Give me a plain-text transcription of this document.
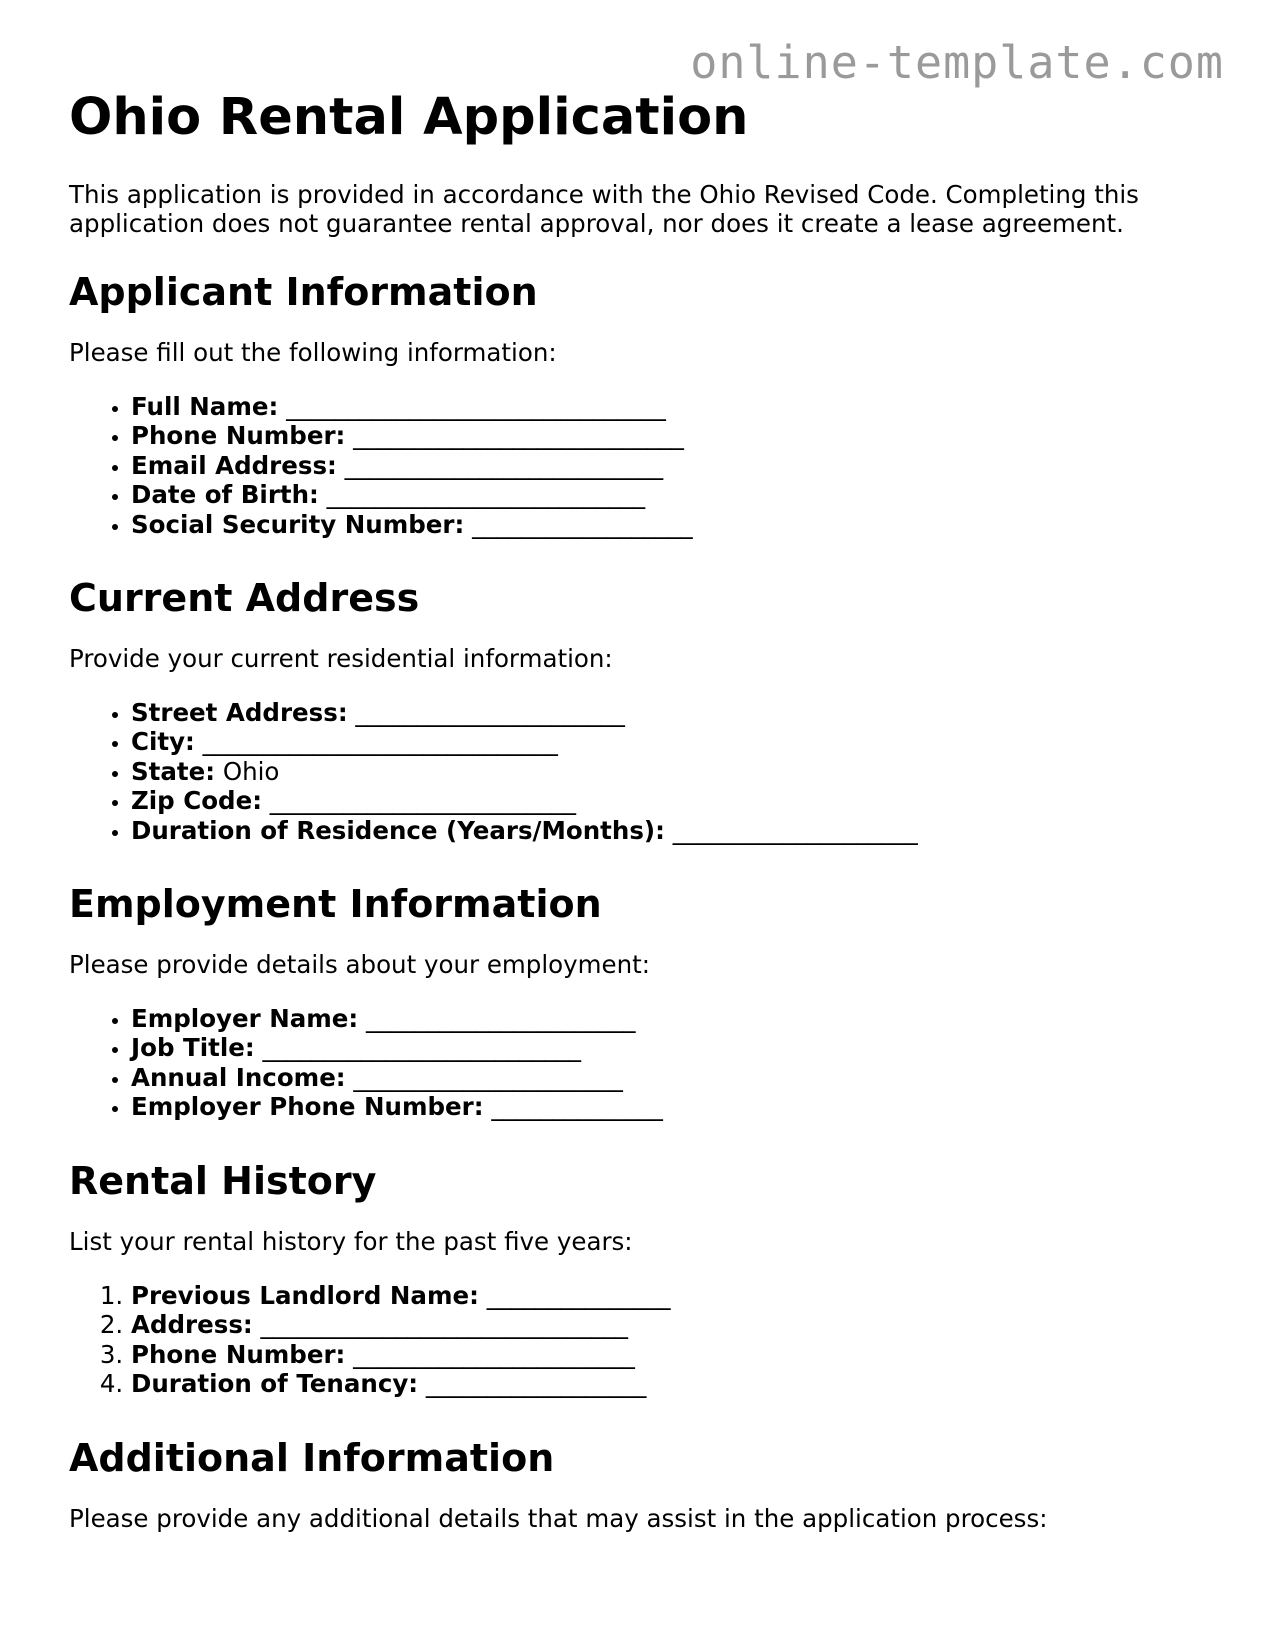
online-template.com
Ohio Rental Application

This application is provided in accordance with the Ohio Revised Code. Completing this application does not guarantee rental approval, nor does it create a lease agreement.

Applicant Information

Please fill out the following information:

• Full Name: _______________________________
• Phone Number: ___________________________
• Email Address: __________________________
• Date of Birth: __________________________
• Social Security Number: __________________
Current Address

Provide your current residential information:

• Street Address: ______________________
• City: _____________________________
• State: Ohio
• Zip Code: _________________________
• Duration of Residence (Years/Months): ____________________
Employment Information

Please provide details about your employment:

• Employer Name: ______________________
• Job Title: __________________________
• Annual Income: ______________________
• Employer Phone Number: ______________
Rental History

List your rental history for the past five years:

1. Previous Landlord Name: _______________
2. Address: ______________________________
3. Phone Number: _______________________
4. Duration of Tenancy: __________________
Additional Information

Please provide any additional details that may assist in the application process:
